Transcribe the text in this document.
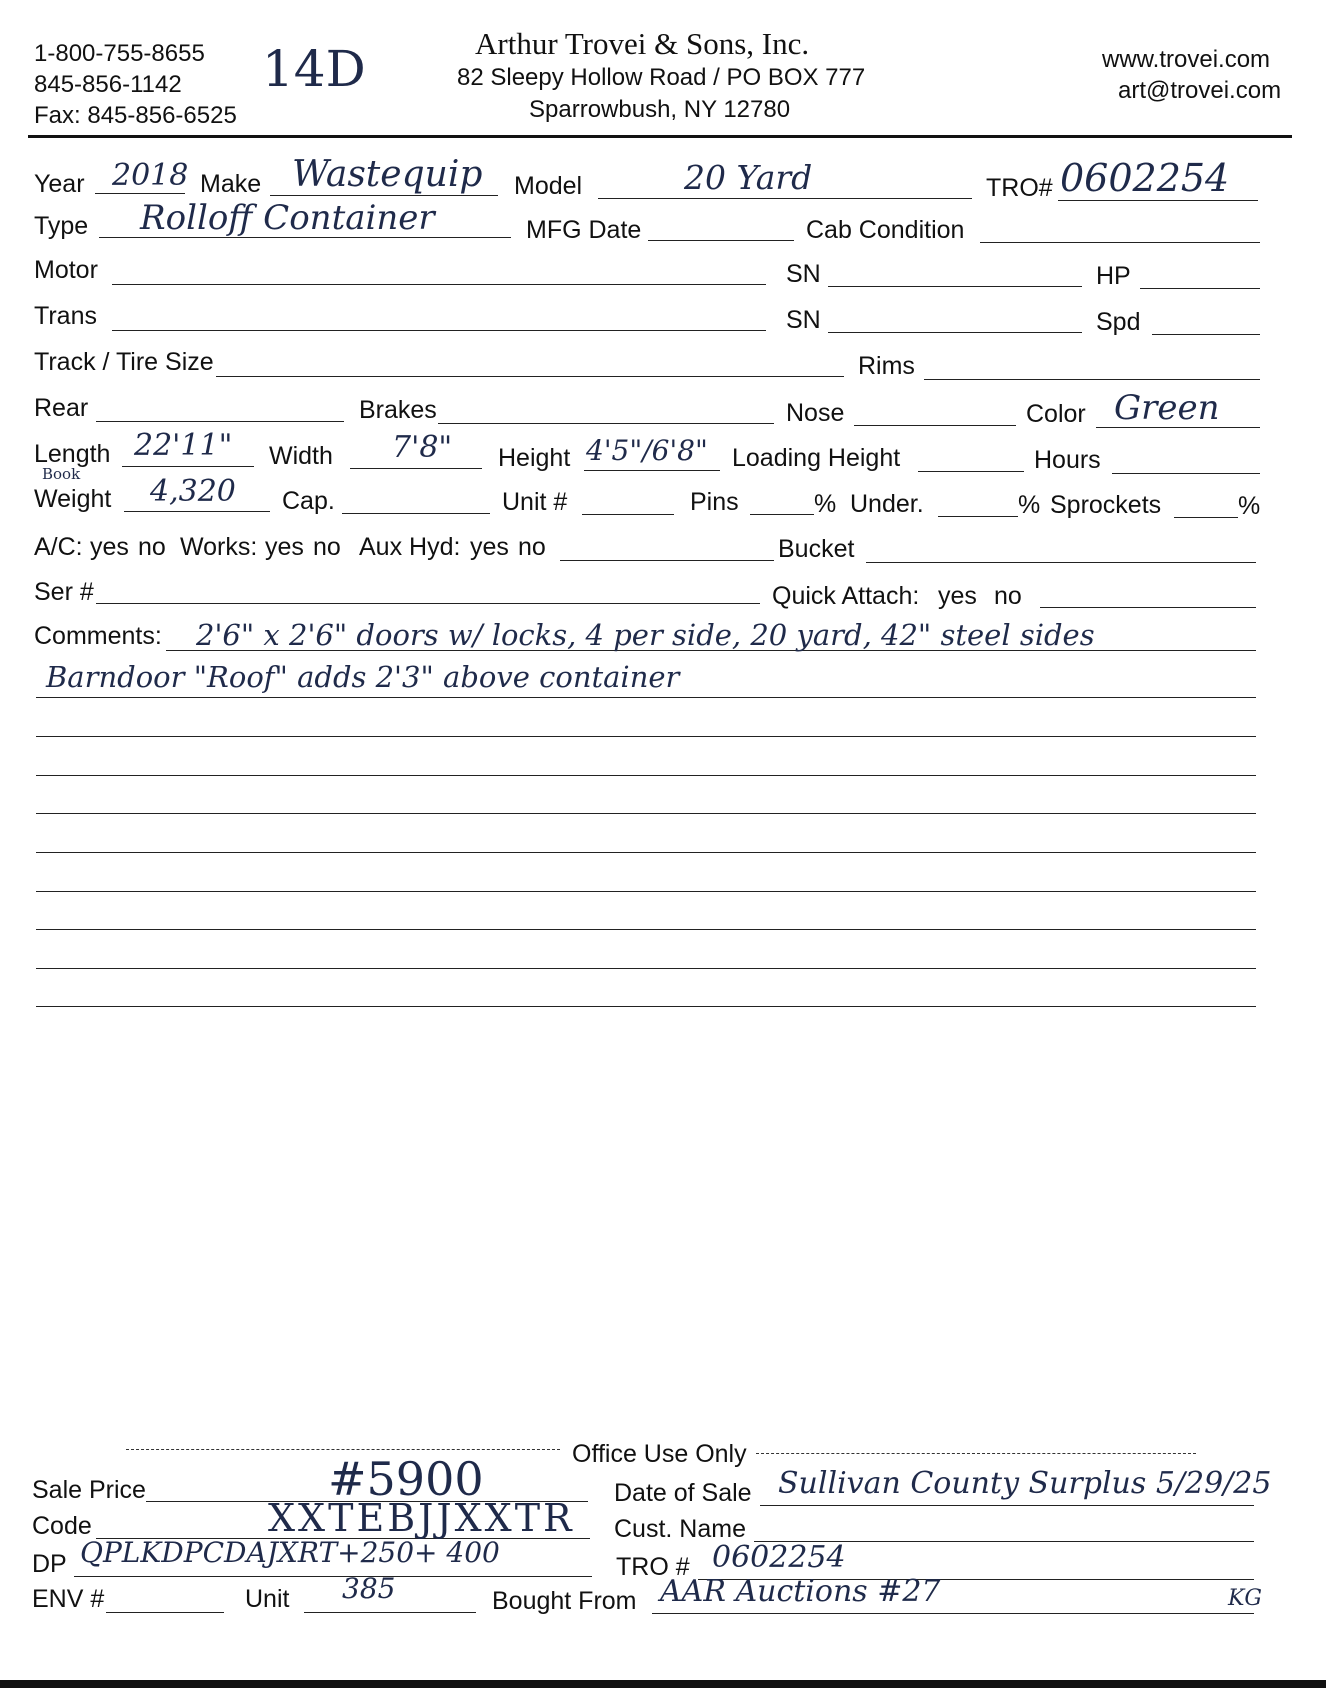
1-800-755-8655
845-856-1142
Fax: 845-856-6525
14D	Arthur Trovei & Sons, Inc.
82 Sleepy Hollow Road / PO BOX 777
Sparrowbush, NY 12780
www.trovei.com
art@trovei.com
Year 2018 Make Wastequip Model	20 Yard	TRO# 0602254
Type Rolloff Container	MFG Date	Cab Condition
Motor	SN	HP
Trans	SN	Spd
Track / Tire Size	Rims
Rear	Brakes	Nose	Color Green
Length 22'11" Width 7'8" Height 4'5"/6'8" Loading Height	Hours
Book
Weight 4,320 Cap.	Unit #	Pins	% Under.	% Sprockets	%
A/C: yes no Works: yes no Aux Hyd: yes no	Bucket
Ser #	Quick Attach: yes no
Comments: 2'6" x 2'6" doors w/ locks, 4 per side, 20 yard, 42" steel sides
Barndoor "Roof" adds 2'3" above container
Office Use Only
Sale Price	#5900	Date of Sale Sullivan County Surplus 5/29/25
Code	XXTEBJJXXTR Cust. Name
DP QPLKDPCDAJXRT+250+ 400	TRO # 0602254
ENV #	Unit 385	Bought From AAR Auctions #27	KG
